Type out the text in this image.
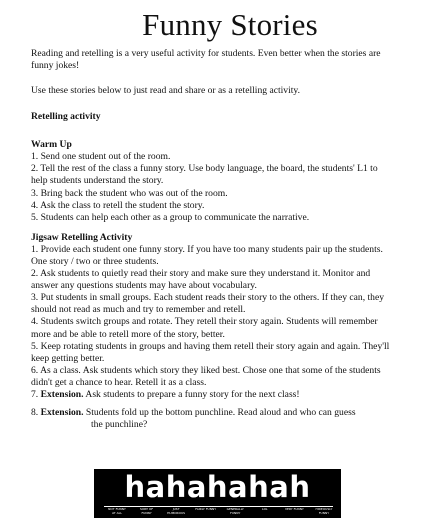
Funny Stories
Reading and retelling is a very useful activity for students. Even better when the stories are
funny jokes!

Use these stories below to just read and share or as a retelling activity.

Retelling activity
Warm Up
1. Send one student out of the room.
2. Tell the rest of the class a funny story. Use body language, the board, the students' L1 to
help students understand the story.
3. Bring back the student who was out of the room.
4. Ask the class to retell the student the story.
5. Students can help each other as a group to communicate the narrative.
Jigsaw Retelling Activity
1. Provide each student one funny story. If you have too many students pair up the students.
One story / two or three students.
2. Ask students to quietly read their story and make sure they understand it. Monitor and
answer any questions students may have about vocabulary.
3. Put students in small groups. Each student reads their story to the others. If they can, they
should not read as much and try to remember and retell.
4. Students switch groups and rotate. They retell their story again. Students will remember
more and be able to retell more of the story, better.
5. Keep rotating students in groups and having them retell their story again and again. They'll
keep getting better.
6. As a class. Ask students which story they liked best. Chose one that some of the students
didn't get a chance to hear. Retell it as a class.
7. Extension. Ask students to prepare a funny story for the next class!
8. Extension. Students fold up the bottom punchline. Read aloud and who can guess
the punchline?
hahahahah
NOT FUNNY AT ALL
SORT OF FUNNY
JUST HUMOROUS
FAIRLY FUNNY	GENERALLY FUNNY
LOL	VERY FUNNY	HIDEOUSLY FUNNY
